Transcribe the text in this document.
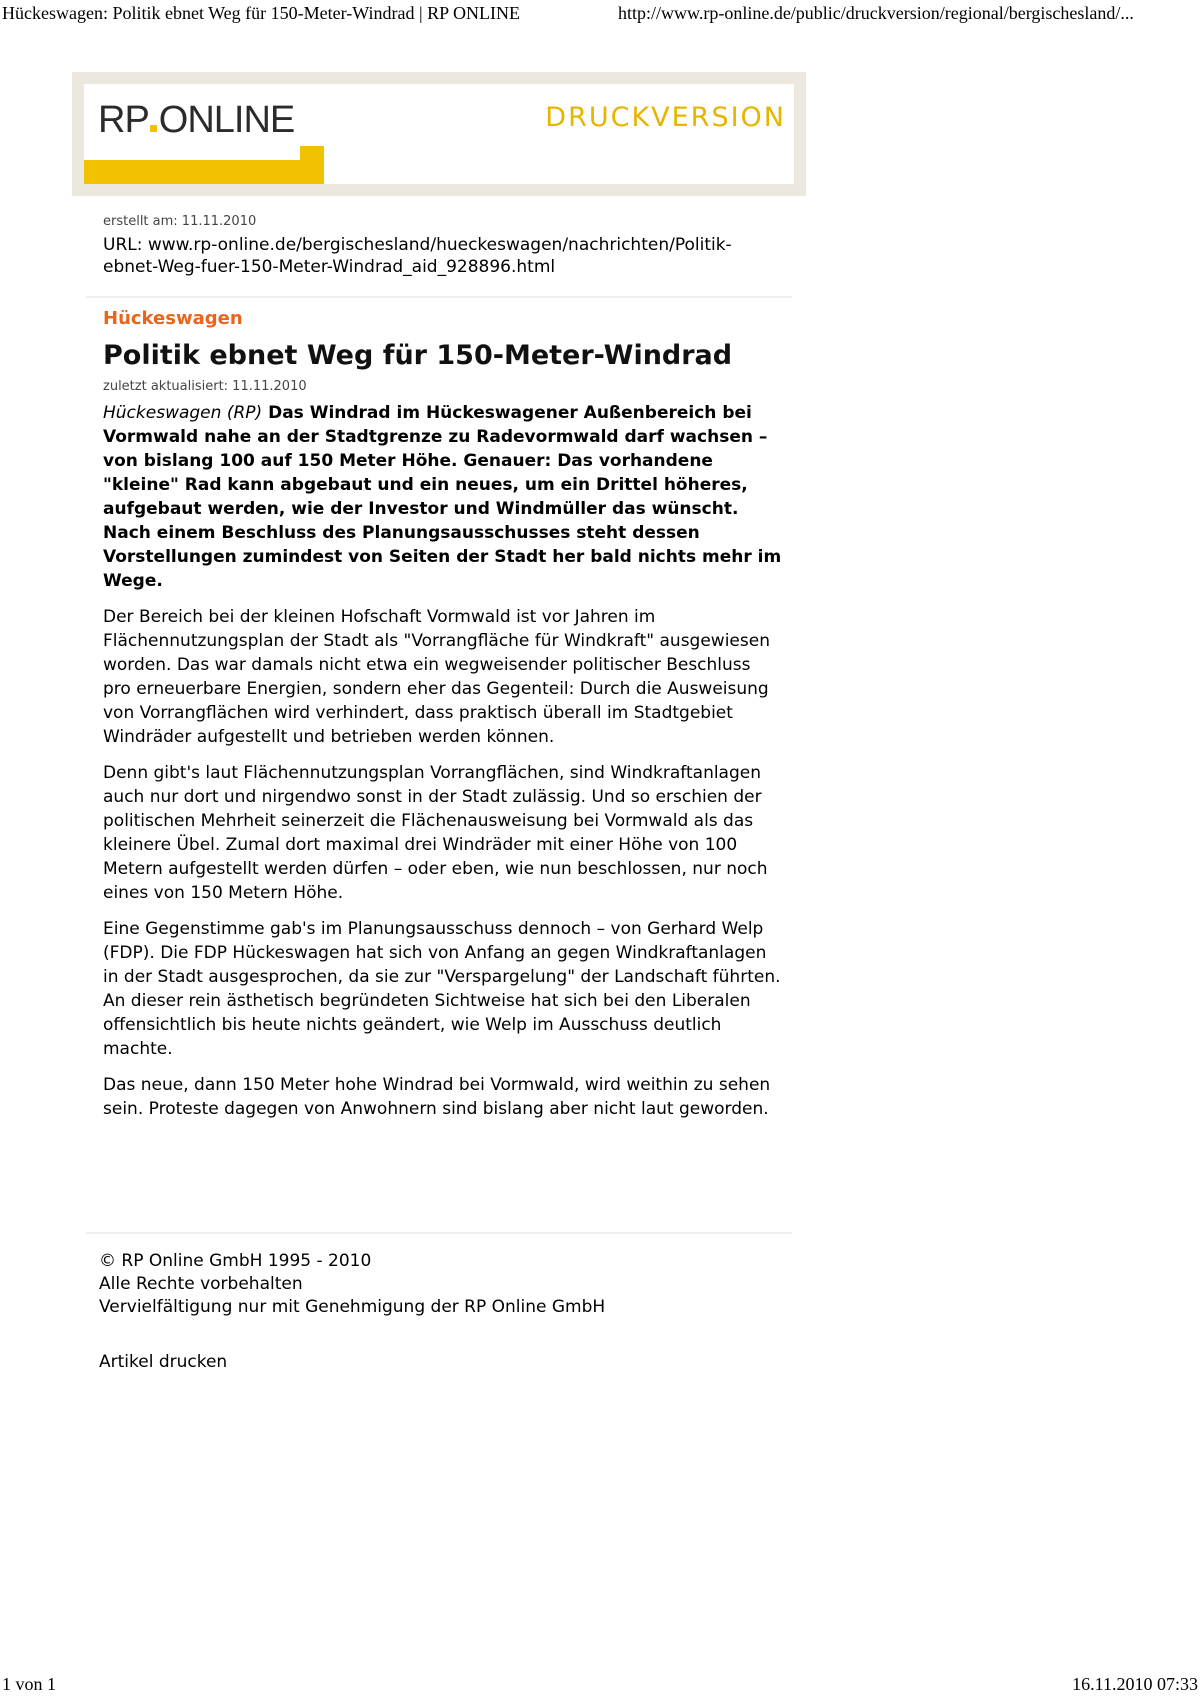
Hückeswagen: Politik ebnet Weg für 150-Meter-Windrad | RP ONLINE	http://www.rp-online.de/public/druckversion/regional/bergischesland/...
RP ONLINE	DRUCKVERSION
erstellt am: 11.11.2010
URL: www.rp-online.de/bergischesland/hueckeswagen/nachrichten/Politik-ebnet-Weg-fuer-150-Meter-Windrad_aid_928896.html
Hückeswagen
Politik ebnet Weg für 150-Meter-Windrad
zuletzt aktualisiert: 11.11.2010

Hückeswagen (RP) Das Windrad im Hückeswagener Außenbereich bei Vormwald nahe an der Stadtgrenze zu Radevormwald darf wachsen – von bislang 100 auf 150 Meter Höhe. Genauer: Das vorhandene "kleine" Rad kann abgebaut und ein neues, um ein Drittel höheres, aufgebaut werden, wie der Investor und Windmüller das wünscht. Nach einem Beschluss des Planungsausschusses steht dessen Vorstellungen zumindest von Seiten der Stadt her bald nichts mehr im Wege.

Der Bereich bei der kleinen Hofschaft Vormwald ist vor Jahren im Flächennutzungsplan der Stadt als "Vorrangfläche für Windkraft" ausgewiesen worden. Das war damals nicht etwa ein wegweisender politischer Beschluss pro erneuerbare Energien, sondern eher das Gegenteil: Durch die Ausweisung von Vorrangflächen wird verhindert, dass praktisch überall im Stadtgebiet Windräder aufgestellt und betrieben werden können.

Denn gibt's laut Flächennutzungsplan Vorrangflächen, sind Windkraftanlagen auch nur dort und nirgendwo sonst in der Stadt zulässig. Und so erschien der politischen Mehrheit seinerzeit die Flächenausweisung bei Vormwald als das kleinere Übel. Zumal dort maximal drei Windräder mit einer Höhe von 100 Metern aufgestellt werden dürfen – oder eben, wie nun beschlossen, nur noch eines von 150 Metern Höhe.

Eine Gegenstimme gab's im Planungsausschuss dennoch – von Gerhard Welp (FDP). Die FDP Hückeswagen hat sich von Anfang an gegen Windkraftanlagen in der Stadt ausgesprochen, da sie zur "Verspargelung" der Landschaft führten. An dieser rein ästhetisch begründeten Sichtweise hat sich bei den Liberalen offensichtlich bis heute nichts geändert, wie Welp im Ausschuss deutlich machte.

Das neue, dann 150 Meter hohe Windrad bei Vormwald, wird weithin zu sehen sein. Proteste dagegen von Anwohnern sind bislang aber nicht laut geworden.

© RP Online GmbH 1995 - 2010
Alle Rechte vorbehalten
Vervielfältigung nur mit Genehmigung der RP Online GmbH
Artikel drucken
1 von 1	16.11.2010 07:33
